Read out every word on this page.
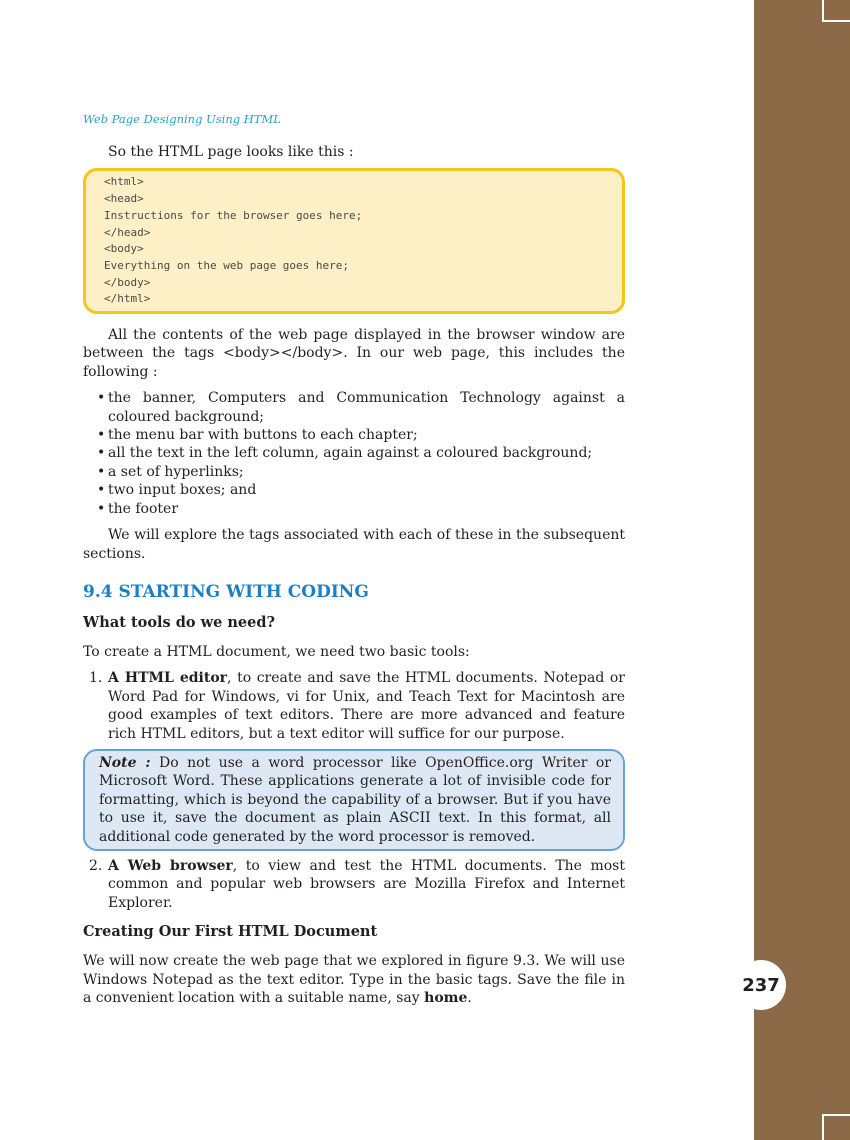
237
Web Page Designing Using HTML

So the HTML page looks like this :

<html>
<head>
Instructions for the browser goes here;
</head>
<body>
Everything on the web page goes here;
</body>
</html>

All the contents of the web page displayed in the browser window are between the tags <body></body>. In our web page, this includes the following :

• the banner, Computers and Communication Technology against a coloured background;
• the menu bar with buttons to each chapter;
• all the text in the left column, again against a coloured background;
• a set of hyperlinks;
• two input boxes; and
• the footer

We will explore the tags associated with each of these in the subsequent sections.

9.4 STARTING WITH CODING
What tools do we need?

To create a HTML document, we need two basic tools:

1. A HTML editor, to create and save the HTML documents. Notepad or Word Pad for Windows, vi for Unix, and Teach Text for Macintosh are good examples of text editors. There are more advanced and feature rich HTML editors, but a text editor will suffice for our purpose.
Note : Do not use a word processor like OpenOffice.org Writer or Microsoft Word. These applications generate a lot of invisible code for formatting, which is beyond the capability of a browser. But if you have to use it, save the document as plain ASCII text. In this format, all additional code generated by the word processor is removed.
2. A Web browser, to view and test the HTML documents. The most common and popular web browsers are Mozilla Firefox and Internet Explorer.
Creating Our First HTML Document

We will now create the web page that we explored in figure 9.3. We will use Windows Notepad as the text editor. Type in the basic tags. Save the file in a convenient location with a suitable name, say home.
